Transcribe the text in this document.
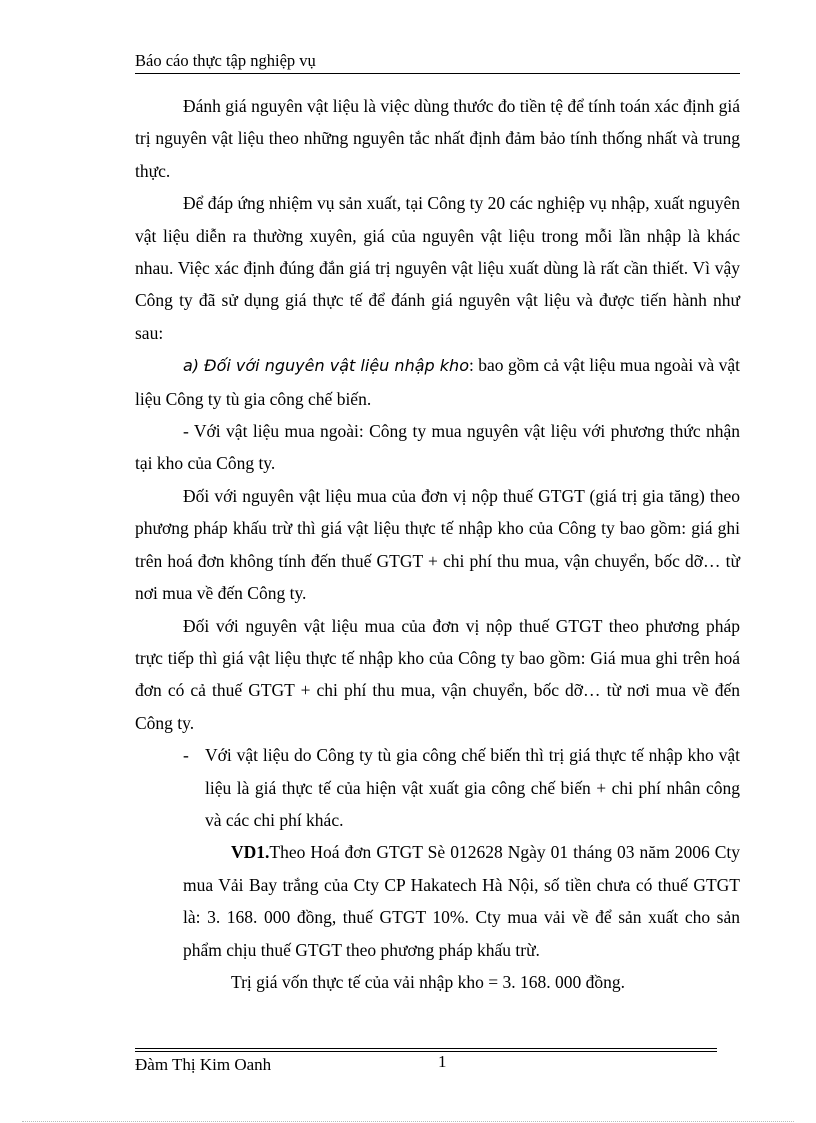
Báo cáo thực tập nghiệp vụ

Đánh giá nguyên vật liệu là việc dùng thước đo tiền tệ để tính toán xác định giá trị nguyên vật liệu theo những nguyên tắc nhất định đảm bảo tính thống nhất và trung thực.

Để đáp ứng nhiệm vụ sản xuất, tại Công ty 20 các nghiệp vụ nhập, xuất nguyên vật liệu diễn ra thường xuyên, giá của nguyên vật liệu trong mỗi lần nhập là khác nhau. Việc xác định đúng đắn giá trị nguyên vật liệu xuất dùng là rất cần thiết. Vì vậy Công ty đã sử dụng giá thực tế để đánh giá nguyên vật liệu và được tiến hành như sau:

a) Đối với nguyên vật liệu nhập kho: bao gồm cả vật liệu mua ngoài và vật liệu Công ty tù gia công chế biến.

- Với vật liệu mua ngoài: Công ty mua nguyên vật liệu với phương thức nhận tại kho của Công ty.

Đối với nguyên vật liệu mua của đơn vị nộp thuế GTGT (giá trị gia tăng) theo phương pháp khấu trừ thì giá vật liệu thực tế nhập kho của Công ty bao gồm: giá ghi trên hoá đơn không tính đến thuế GTGT + chi phí thu mua, vận chuyển, bốc dỡ… từ nơi mua về đến Công ty.

Đối với nguyên vật liệu mua của đơn vị nộp thuế GTGT theo phương pháp trực tiếp thì giá vật liệu thực tế nhập kho của Công ty bao gồm: Giá mua ghi trên hoá đơn có cả thuế GTGT + chi phí thu mua, vận chuyển, bốc dỡ… từ nơi mua về đến Công ty.

- Với vật liệu do Công ty tù gia công chế biến thì trị giá thực tế nhập kho vật liệu là giá thực tế của hiện vật xuất gia công chế biến + chi phí nhân công và các chi phí khác.

VD1.Theo Hoá đơn GTGT Sè 012628 Ngày 01 tháng 03 năm 2006 Cty mua Vải Bay trắng của Cty CP Hakatech Hà Nội, số tiền chưa có thuế GTGT là: 3. 168. 000 đồng, thuế GTGT 10%. Cty mua vải về để sản xuất cho sản phẩm chịu thuế GTGT theo phương pháp khấu trừ.

Trị giá vốn thực tế của vải nhập kho = 3. 168. 000 đồng.

Đàm Thị Kim Oanh	1
